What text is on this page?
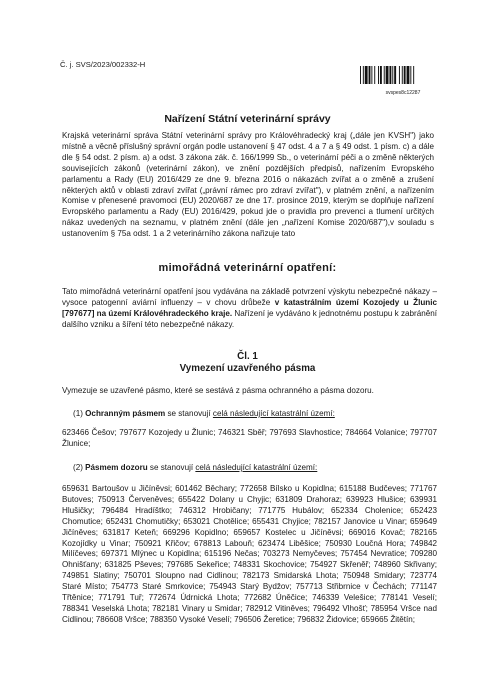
Č. j. SVS/2023/002332-H
svspes8c12287
Nařízení Státní veterinární správy
Krajská veterinární správa Státní veterinární správy pro Královéhradecký kraj („dále jen KVSH") jako místně a věcně příslušný správní orgán podle ustanovení § 47 odst. 4 a 7 a § 49 odst. 1 písm. c) a dále dle § 54 odst. 2 písm. a) a odst. 3 zákona zák. č. 166/1999 Sb., o veterinární péči a o změně některých souvisejících zákonů (veterinární zákon), ve znění pozdějších předpisů, nařízením Evropského parlamentu a Rady (EU) 2016/429 ze dne 9. března 2016 o nákazách zvířat a o změně a zrušení některých aktů v oblasti zdraví zvířat („právní rámec pro zdraví zvířat"), v platném znění, a nařízením Komise v přenesené pravomoci (EU) 2020/687 ze dne 17. prosince 2019, kterým se doplňuje nařízení Evropského parlamentu a Rady (EU) 2016/429, pokud jde o pravidla pro prevenci a tlumení určitých nákaz uvedených na seznamu, v platném znění (dále jen „nařízení Komise 2020/687"),v souladu s ustanovením § 75a odst. 1 a 2 veterinárního zákona nařizuje tato
mimořádná veterinární opatření:
Tato mimořádná veterinární opatření jsou vydávána na základě potvrzení výskytu nebezpečné nákazy – vysoce patogenní aviární influenzy – v chovu drůbeže v katastrálním území Kozojedy u Žlunic [797677] na území Královéhradeckého kraje. Nařízení je vydáváno k jednotnému postupu k zabránění dalšího vzniku a šíření této nebezpečné nákazy.
Čl. 1
Vymezení uzavřeného pásma
Vymezuje se uzavřené pásmo, které se sestává z pásma ochranného a pásma dozoru.
(1) Ochranným pásmem se stanovují celá následující katastrální území:
623466 Češov; 797677 Kozojedy u Žlunic; 746321 Sběř; 797693 Slavhostice; 784664 Volanice; 797707 Žlunice;
(2) Pásmem dozoru se stanovují celá následující katastrální území:
659631 Bartoušov u Jičíněvsi; 601462 Běchary; 772658 Bílsko u Kopidlna; 615188 Budčeves; 771767 Butoves; 750913 Červeněves; 655422 Dolany u Chyjic; 631809 Drahoraz; 639923 Hlušice; 639931 Hlušičky; 796484 Hradíštko; 746312 Hrobičany; 771775 Hubálov; 652334 Cholenice; 652423 Chomutice; 652431 Chomutičky; 653021 Chotělice; 655431 Chyjice; 782157 Janovice u Vinar; 659649 Jičíněves; 631817 Keteň; 669296 Kopidlno; 659657 Kostelec u Jičíněvsi; 669016 Kovač; 782165 Kozojídky u Vinar; 750921 Křičov; 678813 Labouň; 623474 Liběšice; 750930 Loučná Hora; 749842 Milíčeves; 697371 Mlýnec u Kopidlna; 615196 Nečas; 703273 Nemyčeves; 757454 Nevratice; 709280 Ohnišťany; 631825 Pševes; 797685 Sekeřice; 748331 Skochovice; 754927 Skřeněř; 748960 Skřivany; 749851 Slatiny; 750701 Sloupno nad Cidlinou; 782173 Smidarská Lhota; 750948 Smidary; 723774 Staré Místo; 754773 Staré Smrkovice; 754943 Starý Bydžov; 757713 Střibrnice v Čechách; 771147 Třtěnice; 771791 Tuř; 772674 Údrnická Lhota; 772682 Úněčice; 746339 Velešice; 778141 Veselí; 788341 Veselská Lhota; 782181 Vinary u Smidar; 782912 Vitiněves; 796492 Vlhošť; 785954 Vršce nad Cidlinou; 786608 Vršce; 788350 Vysoké Veselí; 796506 Žeretice; 796832 Židovice; 659665 Žitětín;
